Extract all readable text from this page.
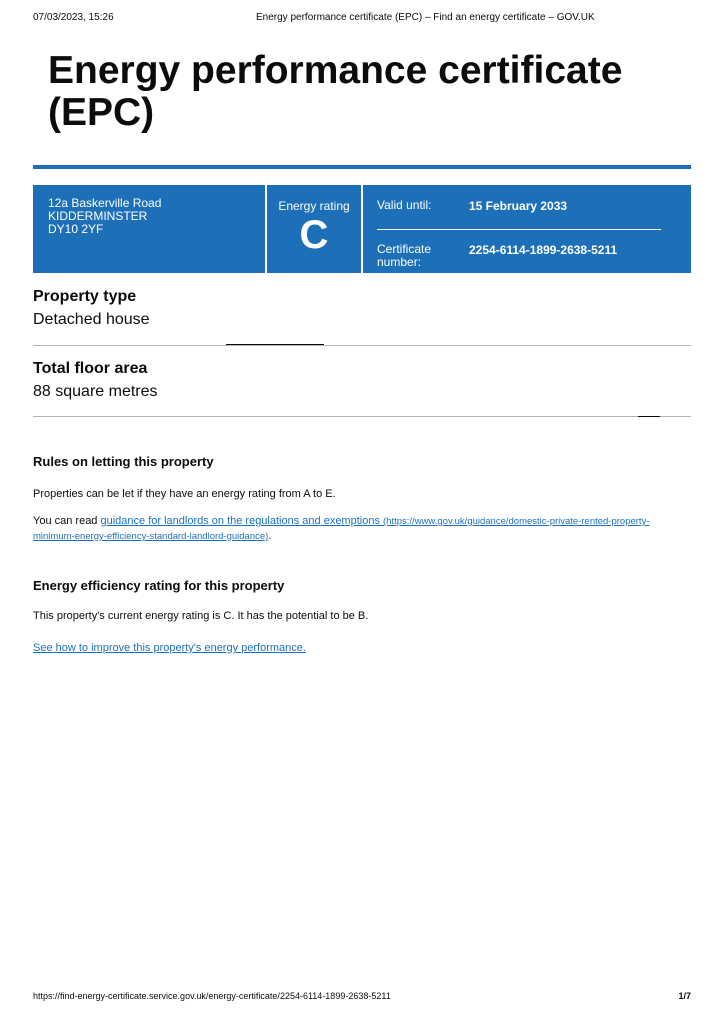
07/03/2023, 15:26	Energy performance certificate (EPC) – Find an energy certificate – GOV.UK
Energy performance certificate
(EPC)
12a Baskerville Road
KIDDERMINSTER
DY10 2YF
Energy rating
C
Valid until:	15 February 2033
Certificate number:
2254-6114-1899-2638-5211
Property type
Detached house
Total floor area
88 square metres
Rules on letting this property

Properties can be let if they have an energy rating from A to E.

You can read guidance for landlords on the regulations and exemptions (https://www.gov.uk/guidance/domestic-private-rented-property-minimum-energy-efficiency-standard-landlord-guidance).

Energy efficiency rating for this property

This property's current energy rating is C. It has the potential to be B.

See how to improve this property's energy performance.

https://find-energy-certificate.service.gov.uk/energy-certificate/2254-6114-1899-2638-5211	1/7
